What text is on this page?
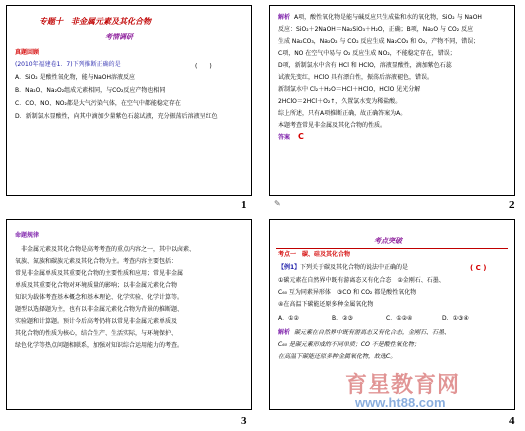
专题十　非金属元素及其化合物
考情调研
真题回顾
(2010年福建卷1．7)下列推断正确的是	(　　)
A．SiO₂ 是酸性氧化物，能与NaOH溶液反应
B．Na₂O、Na₂O₂组成元素相同，与CO₂反应产物也相同
C．CO、NO、NO₂都是大气污染气体，在空气中都能稳定存在
D．新制氯水显酸性，向其中滴加少量紫色石蕊试液，充分振荡后溶液呈红色
1
解析 A项，酸性氧化物是能与碱反应只生成盐和水的氧化物，SiO₂ 与 NaOH
反应：SiO₂＋2NaOH＝Na₂SiO₃＋H₂O，正确；B项，Na₂O 与 CO₂ 反应
生成 Na₂CO₃，Na₂O₂ 与 CO₂ 反应生成 Na₂CO₃ 和 O₂，产物不同，错误；
C项，NO 在空气中易与 O₂ 反应生成 NO₂，不能稳定存在，错误；
D项，新制氯水中含有 HCl 和 HClO，溶液显酸性，滴加紫色石蕊
试液先变红，HClO 具有漂白性，振荡后溶液褪色，错误。
新制氯水中 Cl₂＋H₂O＝HCl＋HClO，HClO 见光分解
2HClO＝2HCl＋O₂↑，久置氯水变为稀盐酸。
综上所述，只有A项推断正确，故正确答案为A。
本题考查常见非金属及其化合物的性质。
答案 C
2
✎
命题规律
非金属元素及其化合物是高考考查的重点内容之一，其中以卤素、
氧族、氮族和碳族元素及其化合物为主。考查内容主要包括：
常见非金属单质及其重要化合物的主要性质和应用；常见非金属
单质及其重要化合物对环境质量的影响；以非金属元素化合物
知识为载体考查基本概念和基本理论、化学实验、化学计算等。
题型以选择题为主，也有以非金属元素化合物为背景的推断题、
实验题和计算题。预计今后高考仍将以常见非金属元素单质及
其化合物的性质为核心，结合生产、生活实际，与环境保护、
绿色化学等热点问题相联系，加强对知识综合运用能力的考查。
3
考点突破
考点一　碳、硅及其化合物
【例1】 下列关于碳及其化合物的说法中正确的是	( C )
①碳元素在自然界中既有游离态又有化合态　②金刚石、石墨、
C₆₀ 互为同素异形体　③CO 和 CO₂ 都是酸性氧化物
④在高温下碳能还原多种金属氧化物
A．①②	B．②③	C．①②④	D．①③④
解析 碳元素在自然界中既有游离态又有化合态，金刚石、石墨、
C₆₀ 是碳元素形成的不同单质；CO 不是酸性氧化物；
在高温下碳能还原多种金属氧化物，故选C。
4
育星教育网
www.ht88.com
